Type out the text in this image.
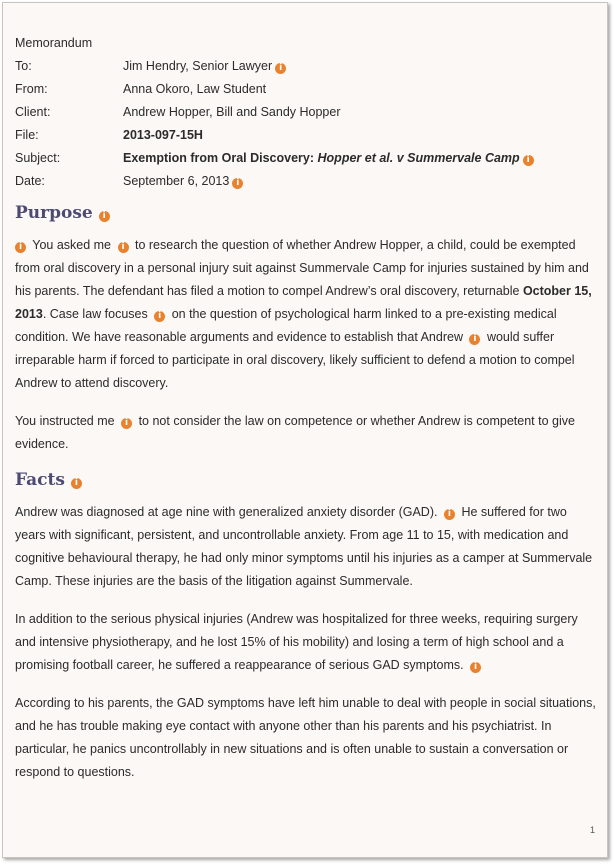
Memorandum
To:	Jim Hendry, Senior Lawyer i
From:	Anna Okoro, Law Student
Client:	Andrew Hopper, Bill and Sandy Hopper
File:	2013-097-15H
Subject:	Exemption from Oral Discovery: Hopper et al. v Summervale Camp i
Date:	September 6, 2013 i
Purpose i

i You asked me i to research the question of whether Andrew Hopper, a child, could be exempted from oral discovery in a personal injury suit against Summervale Camp for injuries sustained by him and his parents. The defendant has filed a motion to compel Andrew’s oral discovery, returnable October 15, 2013. Case law focuses i on the question of psychological harm linked to a pre-existing medical condition. We have reasonable arguments and evidence to establish that Andrew i would suffer irreparable harm if forced to participate in oral discovery, likely sufficient to defend a motion to compel Andrew to attend discovery.

You instructed me i to not consider the law on competence or whether Andrew is competent to give evidence.

Facts i

Andrew was diagnosed at age nine with generalized anxiety disorder (GAD). i He suffered for two years with significant, persistent, and uncontrollable anxiety. From age 11 to 15, with medication and cognitive behavioural therapy, he had only minor symptoms until his injuries as a camper at Summervale Camp. These injuries are the basis of the litigation against Summervale.

In addition to the serious physical injuries (Andrew was hospitalized for three weeks, requiring surgery and intensive physiotherapy, and he lost 15% of his mobility) and losing a term of high school and a promising football career, he suffered a reappearance of serious GAD symptoms. i

According to his parents, the GAD symptoms have left him unable to deal with people in social situations, and he has trouble making eye contact with anyone other than his parents and his psychiatrist. In particular, he panics uncontrollably in new situations and is often unable to sustain a conversation or respond to questions.

1
